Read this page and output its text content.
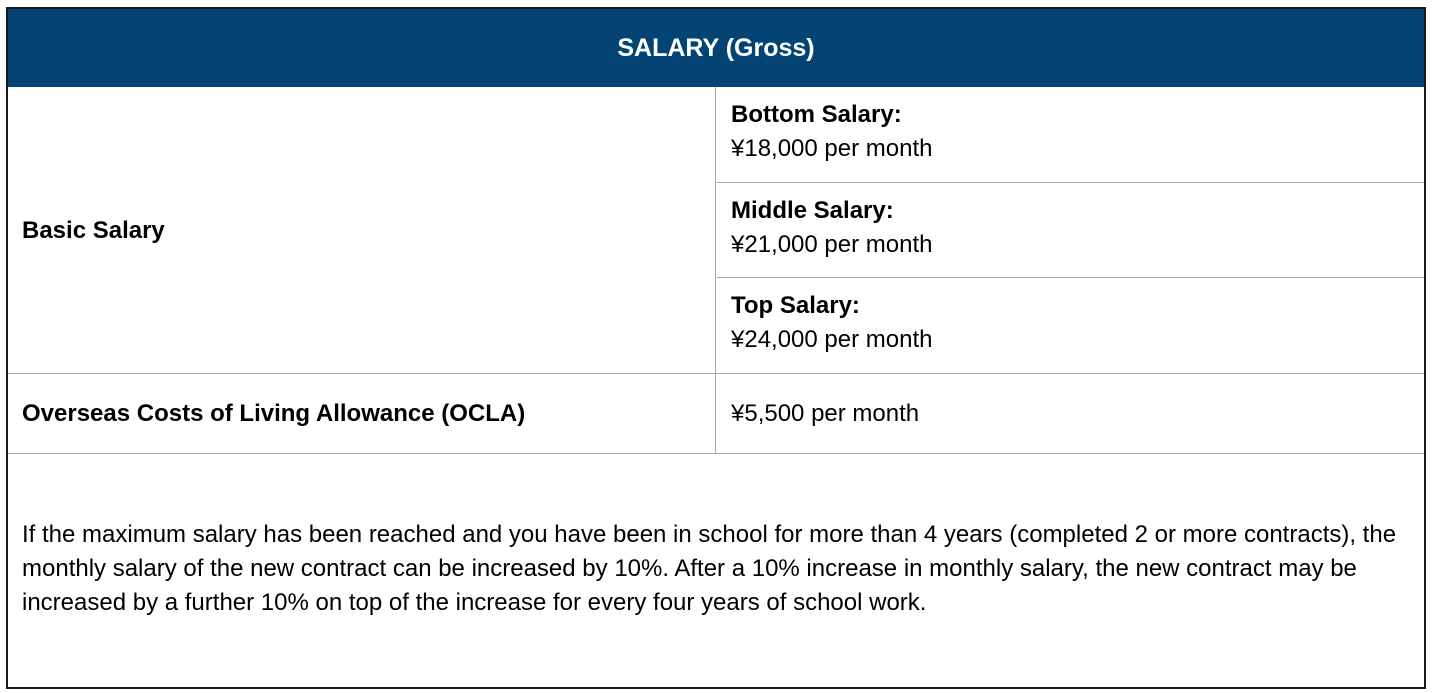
SALARY (Gross)
Basic Salary
Bottom Salary:
¥18,000 per month
Middle Salary:
¥21,000 per month
Top Salary:
¥24,000 per month
Overseas Costs of Living Allowance (OCLA)	¥5,500 per month
If the maximum salary has been reached and you have been in school for more than 4 years (completed 2 or more contracts), the monthly salary of the new contract can be increased by 10%. After a 10% increase in monthly salary, the new contract may be increased by a further 10% on top of the increase for every four years of school work.
